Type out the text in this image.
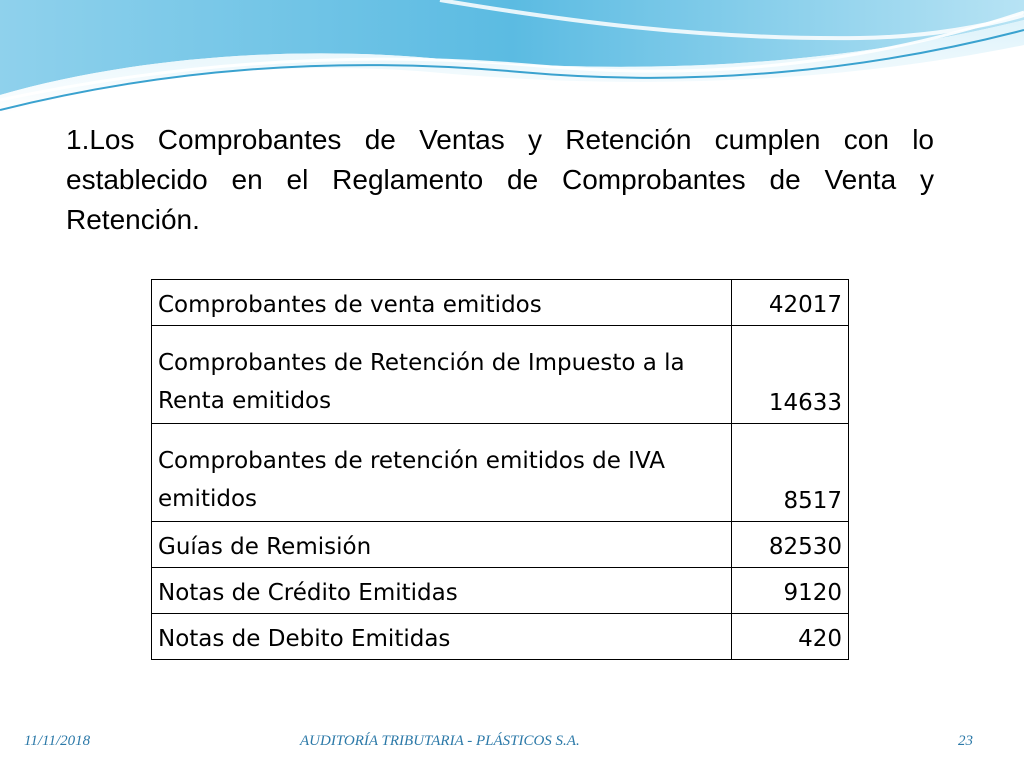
1.Los Comprobantes de Ventas y Retención cumplen con lo establecido en el Reglamento de Comprobantes de Venta y Retención.

Comprobantes de venta emitidos	42017
Comprobantes de Retención de Impuesto a la Renta emitidos	14633
Comprobantes de retención emitidos de IVA emitidos	8517
Guías de Remisión	82530
Notas de Crédito Emitidas	9120
Notas de Debito Emitidas	420
11/11/2018	AUDITORÍA TRIBUTARIA - PLÁSTICOS S.A.	23
